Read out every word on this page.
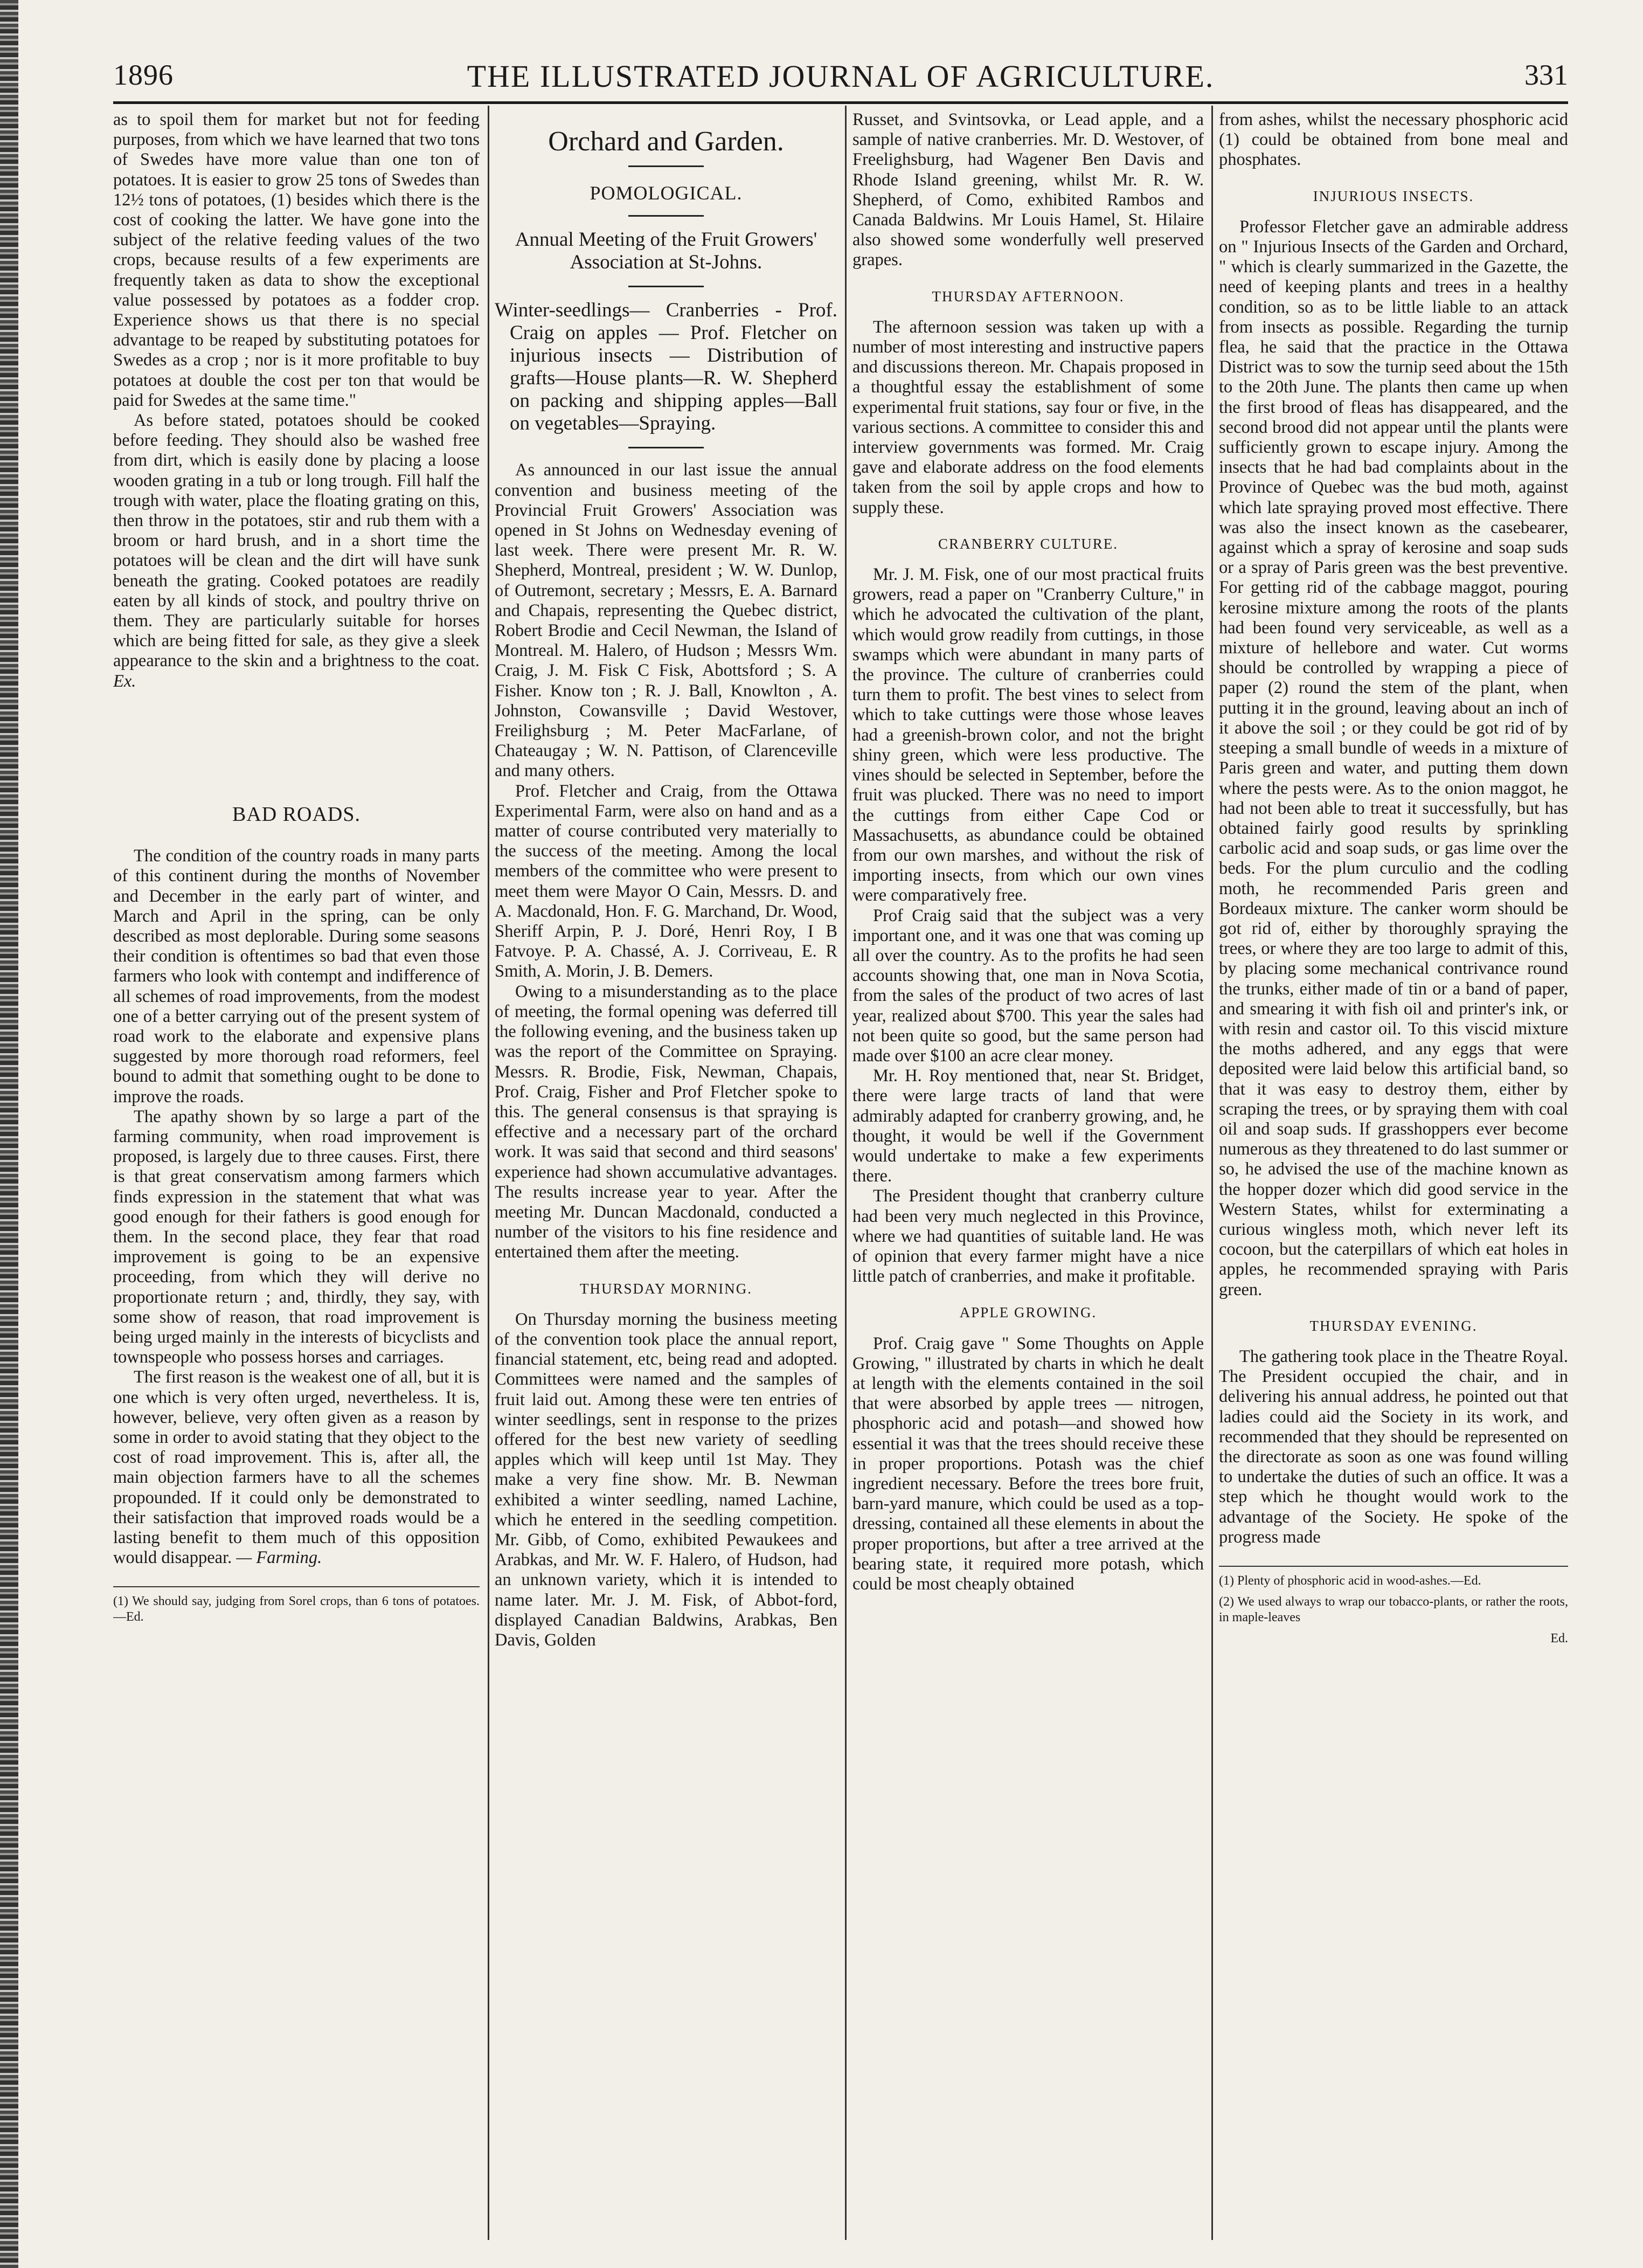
1896	THE ILLUSTRATED JOURNAL OF AGRICULTURE.	331

as to spoil them for market but not for feeding purposes, from which we have learned that two tons of Swedes have more value than one ton of potatoes. It is easier to grow 25 tons of Swedes than 12½ tons of potatoes, (1) besides which there is the cost of cooking the latter. We have gone into the subject of the relative feeding values of the two crops, because results of a few experiments are frequently taken as data to show the exceptional value possessed by potatoes as a fodder crop. Experience shows us that there is no special advantage to be reaped by substituting potatoes for Swedes as a crop ; nor is it more profitable to buy potatoes at double the cost per ton that would be paid for Swedes at the same time."

As before stated, potatoes should be cooked before feeding. They should also be washed free from dirt, which is easily done by placing a loose wooden grating in a tub or long trough. Fill half the trough with water, place the floating grating on this, then throw in the potatoes, stir and rub them with a broom or hard brush, and in a short time the potatoes will be clean and the dirt will have sunk beneath the grating. Cooked potatoes are readily eaten by all kinds of stock, and poultry thrive on them. They are particularly suitable for horses which are being fitted for sale, as they give a sleek appearance to the skin and a brightness to the coat. Ex.

BAD ROADS.

The condition of the country roads in many parts of this continent during the months of November and December in the early part of winter, and March and April in the spring, can be only described as most deplorable. During some seasons their condition is oftentimes so bad that even those farmers who look with contempt and indifference of all schemes of road improvements, from the modest one of a better carrying out of the present system of road work to the elaborate and expensive plans suggested by more thorough road reformers, feel bound to admit that something ought to be done to improve the roads.

The apathy shown by so large a part of the farming community, when road improvement is proposed, is largely due to three causes. First, there is that great conservatism among farmers which finds expression in the statement that what was good enough for their fathers is good enough for them. In the second place, they fear that road improvement is going to be an expensive proceeding, from which they will derive no proportionate return ; and, thirdly, they say, with some show of reason, that road improvement is being urged mainly in the interests of bicyclists and townspeople who possess horses and carriages.

The first reason is the weakest one of all, but it is one which is very often urged, nevertheless. It is, however, believe, very often given as a reason by some in order to avoid stating that they object to the cost of road improvement. This is, after all, the main objection farmers have to all the schemes propounded. If it could only be demonstrated to their satisfaction that improved roads would be a lasting benefit to them much of this opposition would disappear. — Farming.

(1) We should say, judging from Sorel crops, than 6 tons of potatoes.—Ed.
Orchard and Garden.
POMOLOGICAL.
Annual Meeting of the Fruit Growers' Association at St-Johns.
Winter-seedlings— Cranberries - Prof. Craig on apples — Prof. Fletcher on injurious insects — Distribution of grafts—House plants—R. W. Shepherd on packing and shipping apples—Ball on vegetables—Spraying.

As announced in our last issue the annual convention and business meeting of the Provincial Fruit Growers' Association was opened in St Johns on Wednesday evening of last week. There were present Mr. R. W. Shepherd, Montreal, president ; W. W. Dunlop, of Outremont, secretary ; Messrs, E. A. Barnard and Chapais, representing the Quebec district, Robert Brodie and Cecil Newman, the Island of Montreal. M. Halero, of Hudson ; Messrs Wm. Craig, J. M. Fisk C Fisk, Abottsford ; S. A Fisher. Know ton ; R. J. Ball, Knowlton , A. Johnston, Cowansville ; David Westover, Freilighsburg ; M. Peter MacFarlane, of Chateaugay ; W. N. Pattison, of Clarenceville and many others.

Prof. Fletcher and Craig, from the Ottawa Experimental Farm, were also on hand and as a matter of course contributed very materially to the success of the meeting. Among the local members of the committee who were present to meet them were Mayor O Cain, Messrs. D. and A. Macdonald, Hon. F. G. Marchand, Dr. Wood, Sheriff Arpin, P. J. Doré, Henri Roy, I B Fatvoye. P. A. Chassé, A. J. Corriveau, E. R Smith, A. Morin, J. B. Demers.

Owing to a misunderstanding as to the place of meeting, the formal opening was deferred till the following evening, and the business taken up was the report of the Committee on Spraying. Messrs. R. Brodie, Fisk, Newman, Chapais, Prof. Craig, Fisher and Prof Fletcher spoke to this. The general consensus is that spraying is effective and a necessary part of the orchard work. It was said that second and third seasons' experience had shown accumulative advantages. The results increase year to year. After the meeting Mr. Duncan Macdonald, conducted a number of the visitors to his fine residence and entertained them after the meeting.

THURSDAY MORNING.

On Thursday morning the business meeting of the convention took place the annual report, financial statement, etc, being read and adopted. Committees were named and the samples of fruit laid out. Among these were ten entries of winter seedlings, sent in response to the prizes offered for the best new variety of seedling apples which will keep until 1st May. They make a very fine show. Mr. B. Newman exhibited a winter seedling, named Lachine, which he entered in the seedling competition. Mr. Gibb, of Como, exhibited Pewaukees and Arabkas, and Mr. W. F. Halero, of Hudson, had an unknown variety, which it is intended to name later. Mr. J. M. Fisk, of Abbot-ford, displayed Canadian Baldwins, Arabkas, Ben Davis, Golden

Russet, and Svintsovka, or Lead apple, and a sample of native cranberries. Mr. D. Westover, of Freelighsburg, had Wagener Ben Davis and Rhode Island greening, whilst Mr. R. W. Shepherd, of Como, exhibited Rambos and Canada Baldwins. Mr Louis Hamel, St. Hilaire also showed some wonderfully well preserved grapes.

THURSDAY AFTERNOON.

The afternoon session was taken up with a number of most interesting and instructive papers and discussions thereon. Mr. Chapais proposed in a thoughtful essay the establishment of some experimental fruit stations, say four or five, in the various sections. A committee to consider this and interview governments was formed. Mr. Craig gave and elaborate address on the food elements taken from the soil by apple crops and how to supply these.

CRANBERRY CULTURE.

Mr. J. M. Fisk, one of our most practical fruits growers, read a paper on "Cranberry Culture," in which he advocated the cultivation of the plant, which would grow readily from cuttings, in those swamps which were abundant in many parts of the province. The culture of cranberries could turn them to profit. The best vines to select from which to take cuttings were those whose leaves had a greenish-brown color, and not the bright shiny green, which were less productive. The vines should be selected in September, before the fruit was plucked. There was no need to import the cuttings from either Cape Cod or Massachusetts, as abundance could be obtained from our own marshes, and without the risk of importing insects, from which our own vines were comparatively free.

Prof Craig said that the subject was a very important one, and it was one that was coming up all over the country. As to the profits he had seen accounts showing that, one man in Nova Scotia, from the sales of the product of two acres of last year, realized about $700. This year the sales had not been quite so good, but the same person had made over $100 an acre clear money.

Mr. H. Roy mentioned that, near St. Bridget, there were large tracts of land that were admirably adapted for cranberry growing, and, he thought, it would be well if the Government would undertake to make a few experiments there.

The President thought that cranberry culture had been very much neglected in this Province, where we had quantities of suitable land. He was of opinion that every farmer might have a nice little patch of cranberries, and make it profitable.

APPLE GROWING.

Prof. Craig gave " Some Thoughts on Apple Growing, " illustrated by charts in which he dealt at length with the elements contained in the soil that were absorbed by apple trees — nitrogen, phosphoric acid and potash—and showed how essential it was that the trees should receive these in proper proportions. Potash was the chief ingredient necessary. Before the trees bore fruit, barn-yard manure, which could be used as a top-dressing, contained all these elements in about the proper proportions, but after a tree arrived at the bearing state, it required more potash, which could be most cheaply obtained

from ashes, whilst the necessary phosphoric acid (1) could be obtained from bone meal and phosphates.

INJURIOUS INSECTS.

Professor Fletcher gave an admirable address on " Injurious Insects of the Garden and Orchard, " which is clearly summarized in the Gazette, the need of keeping plants and trees in a healthy condition, so as to be little liable to an attack from insects as possible. Regarding the turnip flea, he said that the practice in the Ottawa District was to sow the turnip seed about the 15th to the 20th June. The plants then came up when the first brood of fleas has disappeared, and the second brood did not appear until the plants were sufficiently grown to escape injury. Among the insects that he had bad complaints about in the Province of Quebec was the bud moth, against which late spraying proved most effective. There was also the insect known as the casebearer, against which a spray of kerosine and soap suds or a spray of Paris green was the best preventive. For getting rid of the cabbage maggot, pouring kerosine mixture among the roots of the plants had been found very serviceable, as well as a mixture of hellebore and water. Cut worms should be controlled by wrapping a piece of paper (2) round the stem of the plant, when putting it in the ground, leaving about an inch of it above the soil ; or they could be got rid of by steeping a small bundle of weeds in a mixture of Paris green and water, and putting them down where the pests were. As to the onion maggot, he had not been able to treat it successfully, but has obtained fairly good results by sprinkling carbolic acid and soap suds, or gas lime over the beds. For the plum curculio and the codling moth, he recommended Paris green and Bordeaux mixture. The canker worm should be got rid of, either by thoroughly spraying the trees, or where they are too large to admit of this, by placing some mechanical contrivance round the trunks, either made of tin or a band of paper, and smearing it with fish oil and printer's ink, or with resin and castor oil. To this viscid mixture the moths adhered, and any eggs that were deposited were laid below this artificial band, so that it was easy to destroy them, either by scraping the trees, or by spraying them with coal oil and soap suds. If grasshoppers ever become numerous as they threatened to do last summer or so, he advised the use of the machine known as the hopper dozer which did good service in the Western States, whilst for exterminating a curious wingless moth, which never left its cocoon, but the caterpillars of which eat holes in apples, he recommended spraying with Paris green.

THURSDAY EVENING.

The gathering took place in the Theatre Royal. The President occupied the chair, and in delivering his annual address, he pointed out that ladies could aid the Society in its work, and recommended that they should be represented on the directorate as soon as one was found willing to undertake the duties of such an office. It was a step which he thought would work to the advantage of the Society. He spoke of the progress made

(1) Plenty of phosphoric acid in wood-ashes.—Ed.
(2) We used always to wrap our tobacco-plants, or rather the roots, in maple-leaves
Ed.
